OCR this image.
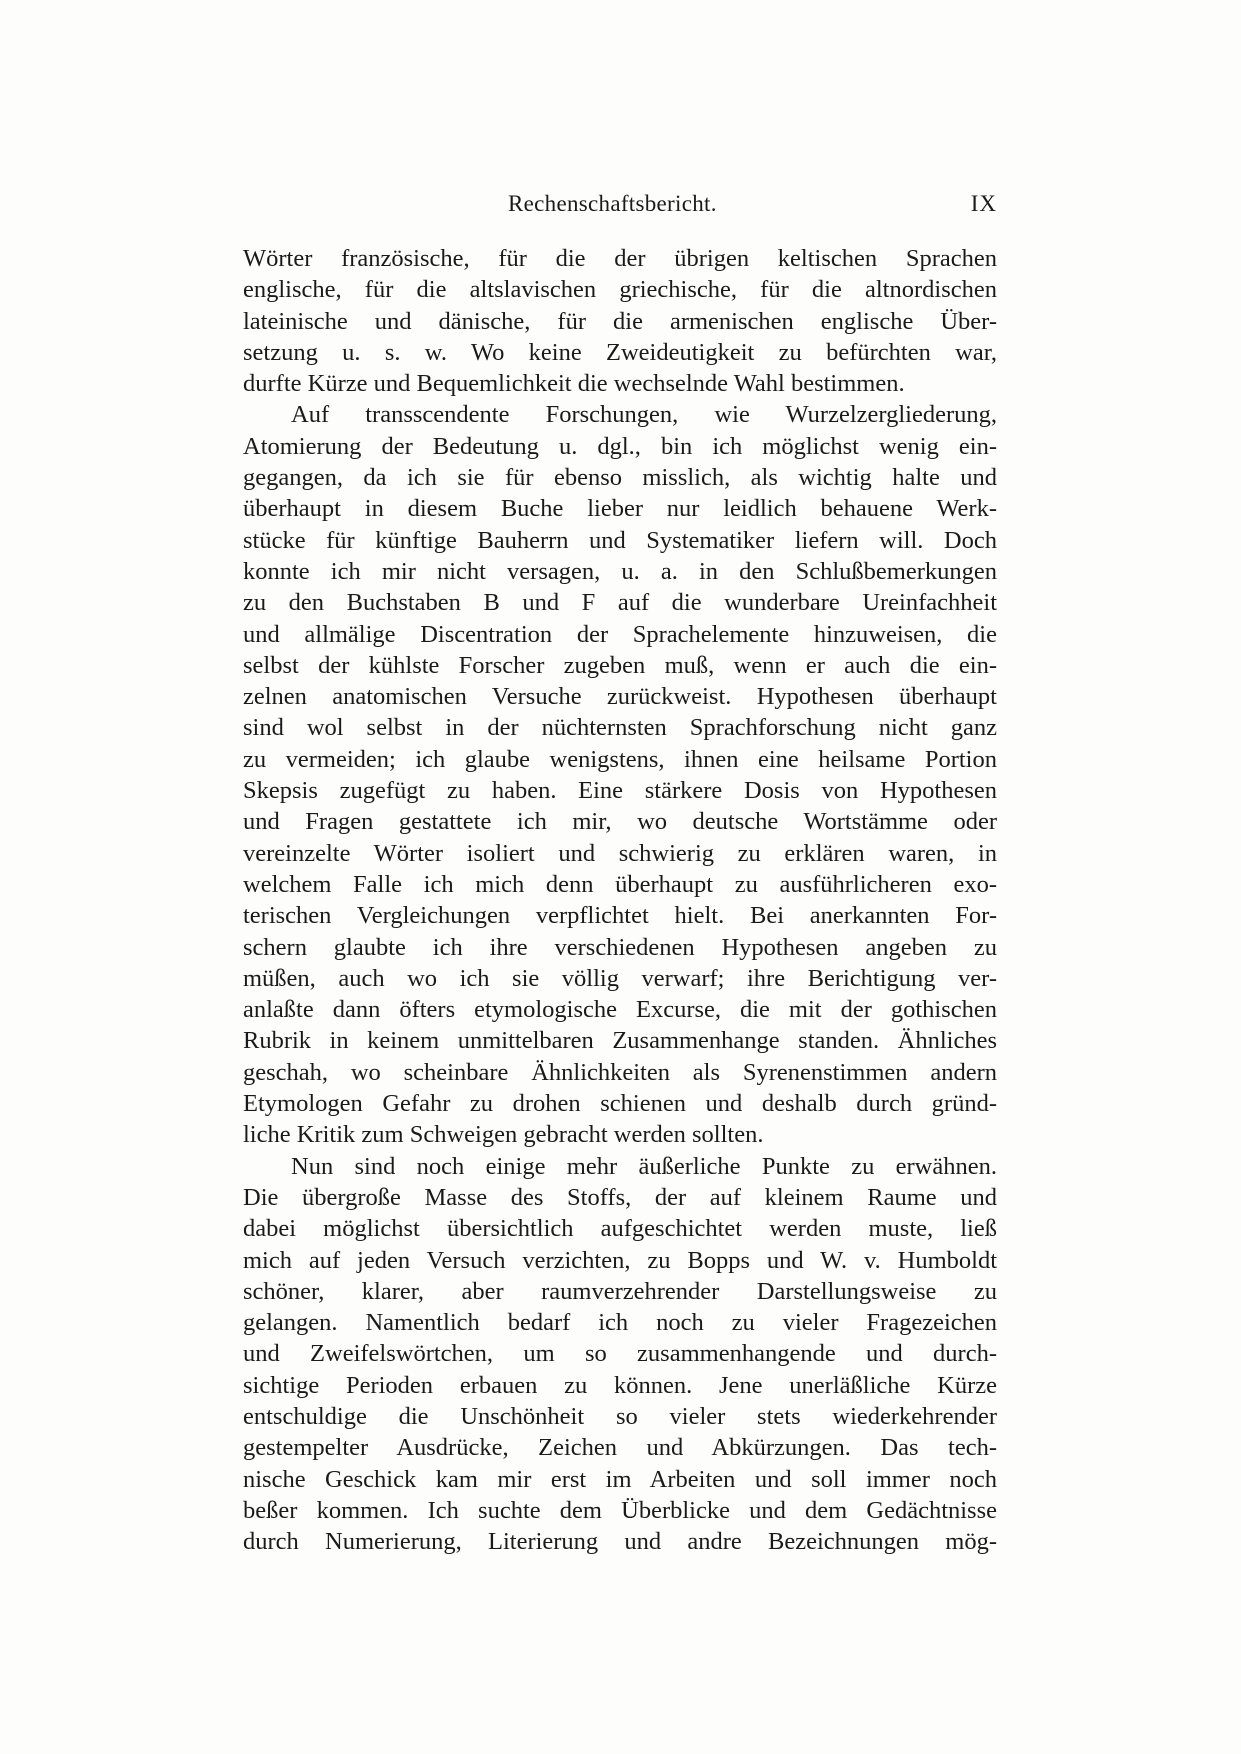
Rechenschaftsbericht.	IX
Wörter französische, für die der übrigen keltischen Sprachen
englische, für die altslavischen griechische, für die altnordischen
lateinische und dänische, für die armenischen englische Über-
setzung u. s. w. Wo keine Zweideutigkeit zu befürchten war,
durfte Kürze und Bequemlichkeit die wechselnde Wahl bestimmen.
Auf transscendente Forschungen, wie Wurzelzergliederung,
Atomierung der Bedeutung u. dgl., bin ich möglichst wenig ein-
gegangen, da ich sie für ebenso misslich, als wichtig halte und
überhaupt in diesem Buche lieber nur leidlich behauene Werk-
stücke für künftige Bauherrn und Systematiker liefern will. Doch
konnte ich mir nicht versagen, u. a. in den Schlußbemerkungen
zu den Buchstaben B und F auf die wunderbare Ureinfachheit
und allmälige Discentration der Sprachelemente hinzuweisen, die
selbst der kühlste Forscher zugeben muß, wenn er auch die ein-
zelnen anatomischen Versuche zurückweist. Hypothesen überhaupt
sind wol selbst in der nüchternsten Sprachforschung nicht ganz
zu vermeiden; ich glaube wenigstens, ihnen eine heilsame Portion
Skepsis zugefügt zu haben. Eine stärkere Dosis von Hypothesen
und Fragen gestattete ich mir, wo deutsche Wortstämme oder
vereinzelte Wörter isoliert und schwierig zu erklären waren, in
welchem Falle ich mich denn überhaupt zu ausführlicheren exo-
terischen Vergleichungen verpflichtet hielt. Bei anerkannten For-
schern glaubte ich ihre verschiedenen Hypothesen angeben zu
müßen, auch wo ich sie völlig verwarf; ihre Berichtigung ver-
anlaßte dann öfters etymologische Excurse, die mit der gothischen
Rubrik in keinem unmittelbaren Zusammenhange standen. Ähnliches
geschah, wo scheinbare Ähnlichkeiten als Syrenenstimmen andern
Etymologen Gefahr zu drohen schienen und deshalb durch gründ-
liche Kritik zum Schweigen gebracht werden sollten.
Nun sind noch einige mehr äußerliche Punkte zu erwähnen.
Die übergroße Masse des Stoffs, der auf kleinem Raume und
dabei möglichst übersichtlich aufgeschichtet werden muste, ließ
mich auf jeden Versuch verzichten, zu Bopps und W. v. Humboldt
schöner, klarer, aber raumverzehrender Darstellungsweise zu
gelangen. Namentlich bedarf ich noch zu vieler Fragezeichen
und Zweifelswörtchen, um so zusammenhangende und durch-
sichtige Perioden erbauen zu können. Jene unerläßliche Kürze
entschuldige die Unschönheit so vieler stets wiederkehrender
gestempelter Ausdrücke, Zeichen und Abkürzungen. Das tech-
nische Geschick kam mir erst im Arbeiten und soll immer noch
beßer kommen. Ich suchte dem Überblicke und dem Gedächtnisse
durch Numerierung, Literierung und andre Bezeichnungen mög-
